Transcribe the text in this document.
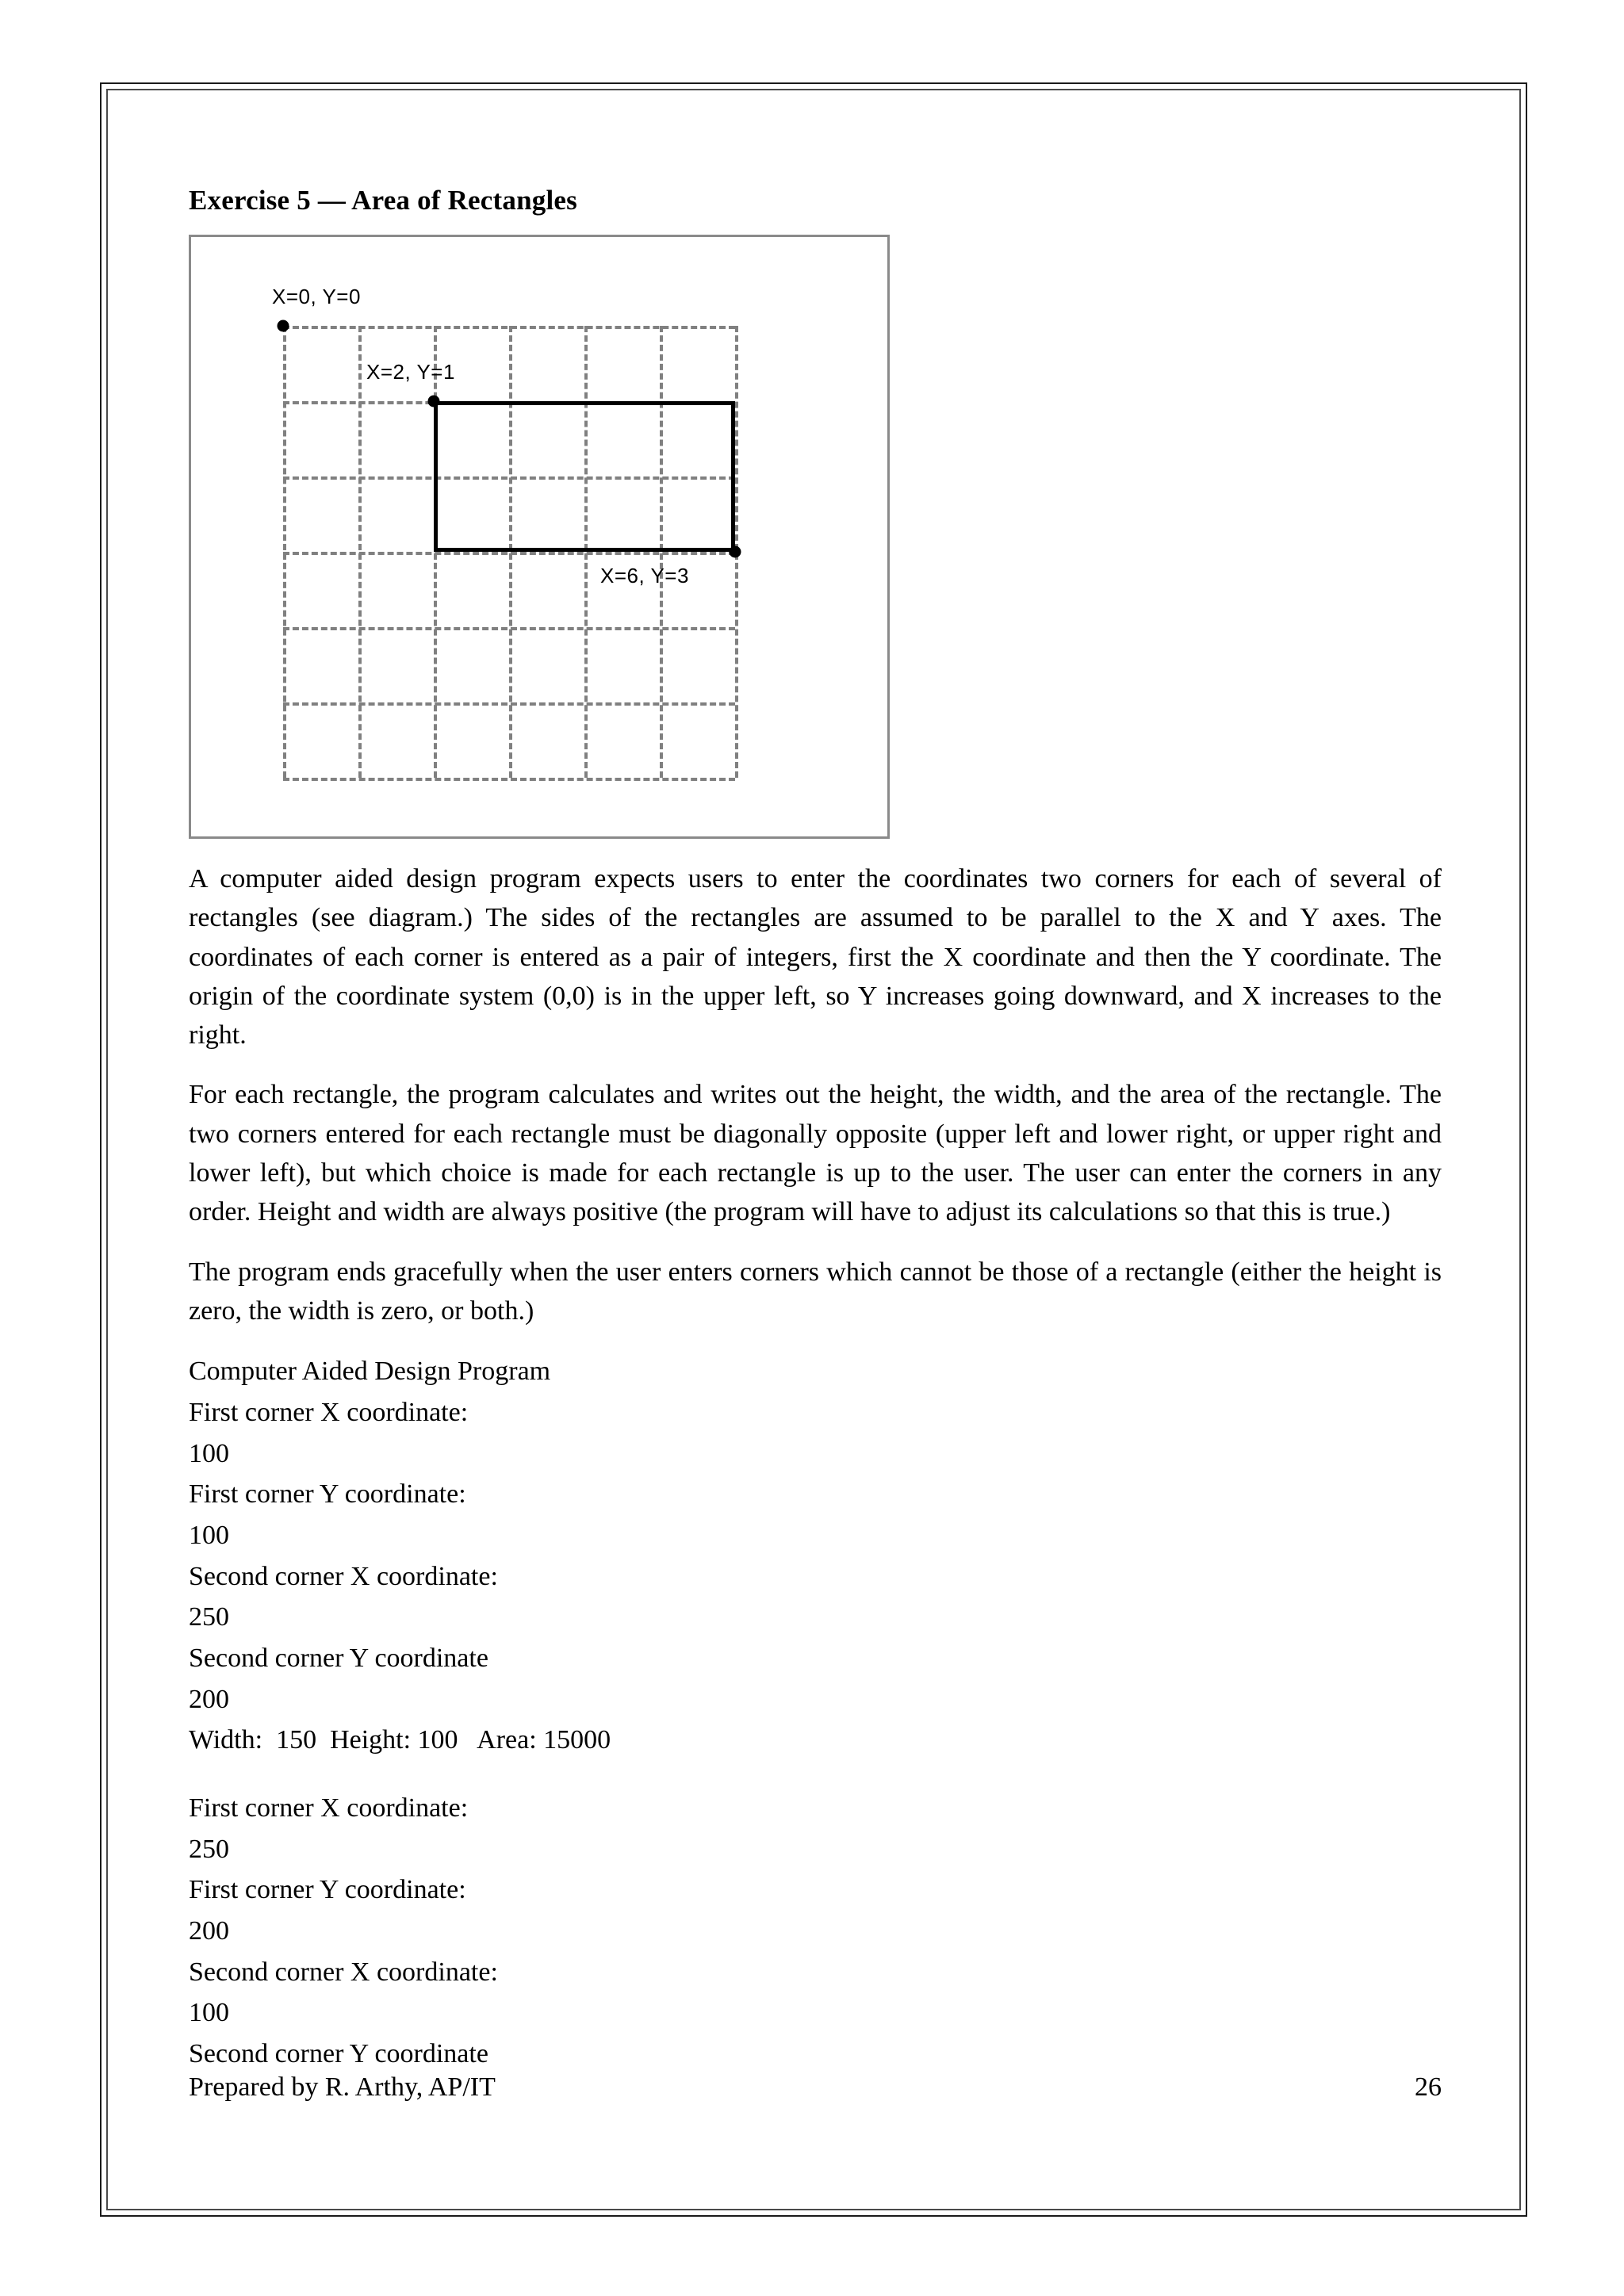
Exercise 5 — Area of Rectangles
X=0, Y=0
X=2, Y=1
X=6, Y=3

A computer aided design program expects users to enter the coordinates two corners for each of several of rectangles (see diagram.) The sides of the rectangles are assumed to be parallel to the X and Y axes. The coordinates of each corner is entered as a pair of integers, first the X coordinate and then the Y coordinate. The origin of the coordinate system (0,0) is in the upper left, so Y increases going downward, and X increases to the right.

For each rectangle, the program calculates and writes out the height, the width, and the area of the rectangle. The two corners entered for each rectangle must be diagonally opposite (upper left and lower right, or upper right and lower left), but which choice is made for each rectangle is up to the user. The user can enter the corners in any order. Height and width are always positive (the program will have to adjust its calculations so that this is true.)

The program ends gracefully when the user enters corners which cannot be those of a rectangle (either the height is zero, the width is zero, or both.)

Computer Aided Design Program
First corner X coordinate:
100
First corner Y coordinate:
100
Second corner X coordinate:
250
Second corner Y coordinate
200
Width:  150  Height: 100   Area: 15000
First corner X coordinate:
250
First corner Y coordinate:
200
Second corner X coordinate:
100
Second corner Y coordinate
Prepared by R. Arthy, AP/IT	26
